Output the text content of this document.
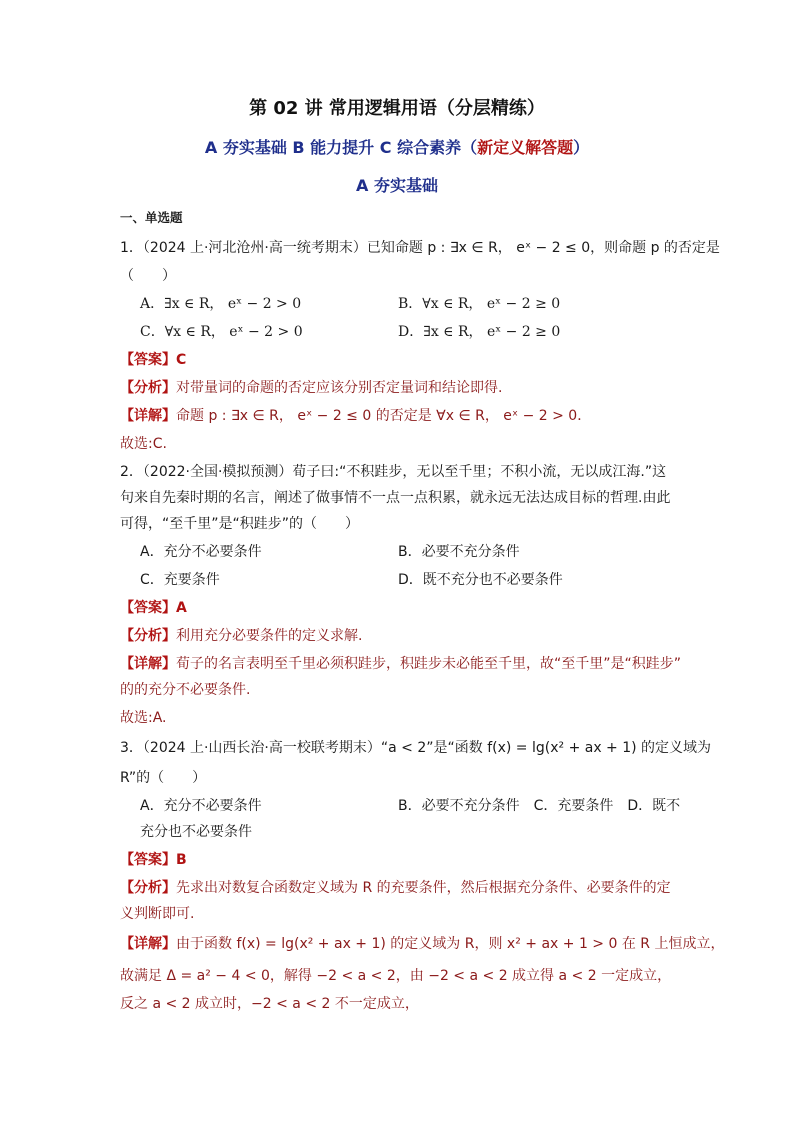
第 02 讲 常用逻辑用语（分层精练）
A 夯实基础 B 能力提升 C 综合素养（新定义解答题）
A 夯实基础
一、单选题
1．（2024 上·河北沧州·高一统考期末）已知命题 p : ∃x ∈ R， eˣ − 2 ≤ 0，则命题 p 的否定是
（　　）
A．∃x ∈ R， eˣ − 2 > 0	B．∀x ∈ R， eˣ − 2 ≥ 0
C．∀x ∈ R， eˣ − 2 > 0	D．∃x ∈ R， eˣ − 2 ≥ 0
【答案】C
【分析】对带量词的命题的否定应该分别否定量词和结论即得.
【详解】命题 p : ∃x ∈ R， eˣ − 2 ≤ 0 的否定是 ∀x ∈ R， eˣ − 2 > 0．
故选:C.
2．（2022·全国·模拟预测）荀子曰:“不积跬步，无以至千里；不积小流，无以成江海.”这
句来自先秦时期的名言，阐述了做事情不一点一点积累，就永远无法达成目标的哲理.由此
可得，“至千里”是“积跬步”的（　　）
A．充分不必要条件	B．必要不充分条件
C．充要条件	D．既不充分也不必要条件
【答案】A
【分析】利用充分必要条件的定义求解.
【详解】荀子的名言表明至千里必须积跬步，积跬步未必能至千里，故“至千里”是“积跬步”
的的充分不必要条件.
故选:A.
3．（2024 上·山西长治·高一校联考期末）“a < 2”是“函数 f(x) = lg(x² + ax + 1) 的定义域为
R”的（　　）
A．充分不必要条件	B．必要不充分条件　C．充要条件　D．既不
充分也不必要条件
【答案】B
【分析】先求出对数复合函数定义域为 R 的充要条件，然后根据充分条件、必要条件的定
义判断即可.
【详解】由于函数 f(x) = lg(x² + ax + 1) 的定义域为 R，则 x² + ax + 1 > 0 在 R 上恒成立，
故满足 Δ = a² − 4 < 0，解得 −2 < a < 2，由 −2 < a < 2 成立得 a < 2 一定成立，
反之 a < 2 成立时，−2 < a < 2 不一定成立，
